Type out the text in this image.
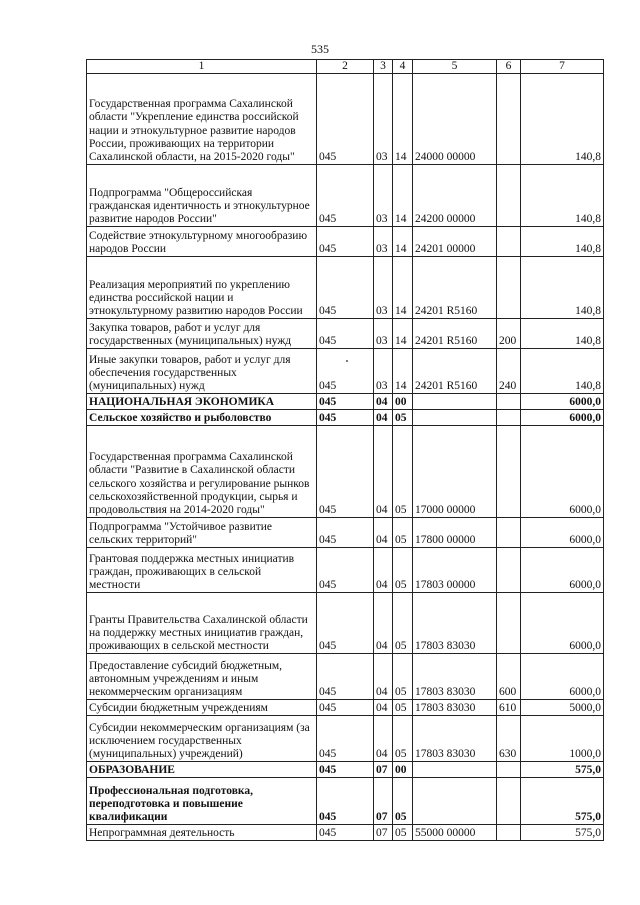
535
1	2	3	4	5	6	7
Государственная программа Сахалинской области "Укрепление единства российской нации и этнокультурное развитие народов России, проживающих на территории Сахалинской области, на 2015-2020 годы"	045	03	14	24000 00000		140,8
Подпрограмма "Общероссийская гражданская идентичность и этнокультурное развитие народов России"	045	03	14	24200 00000		140,8
Содействие этнокультурному многообразию народов России	045	03	14	24201 00000		140,8
Реализация мероприятий по укреплению единства российской нации и этнокультурному развитию народов России	045	03	14	24201 R5160		140,8
Закупка товаров, работ и услуг для государственных (муниципальных) нужд	045	03	14	24201 R5160	200	140,8
Иные закупки товаров, работ и услуг для обеспечения государственных (муниципальных) нужд	045	03	14	24201 R5160	240	140,8
НАЦИОНАЛЬНАЯ ЭКОНОМИКА	045	04	00			6000,0
Сельское хозяйство и рыболовство	045	04	05			6000,0
Государственная программа Сахалинской области "Развитие в Сахалинской области сельского хозяйства и регулирование рынков сельскохозяйственной продукции, сырья и продовольствия на 2014-2020 годы"	045	04	05	17000 00000		6000,0
Подпрограмма "Устойчивое развитие сельских территорий"	045	04	05	17800 00000		6000,0
Грантовая поддержка местных инициатив граждан, проживающих в сельской местности	045	04	05	17803 00000		6000,0
Гранты Правительства Сахалинской области на поддержку местных инициатив граждан, проживающих в сельской местности	045	04	05	17803 83030		6000,0
Предоставление субсидий бюджетным, автономным учреждениям и иным некоммерческим организациям	045	04	05	17803 83030	600	6000,0
Субсидии бюджетным учреждениям	045	04	05	17803 83030	610	5000,0
Субсидии некоммерческим организациям (за исключением государственных (муниципальных) учреждений)	045	04	05	17803 83030	630	1000,0
ОБРАЗОВАНИЕ	045	07	00			575,0
Профессиональная подготовка, переподготовка и повышение квалификации	045	07	05			575,0
Непрограммная деятельность	045	07	05	55000 00000		575,0
